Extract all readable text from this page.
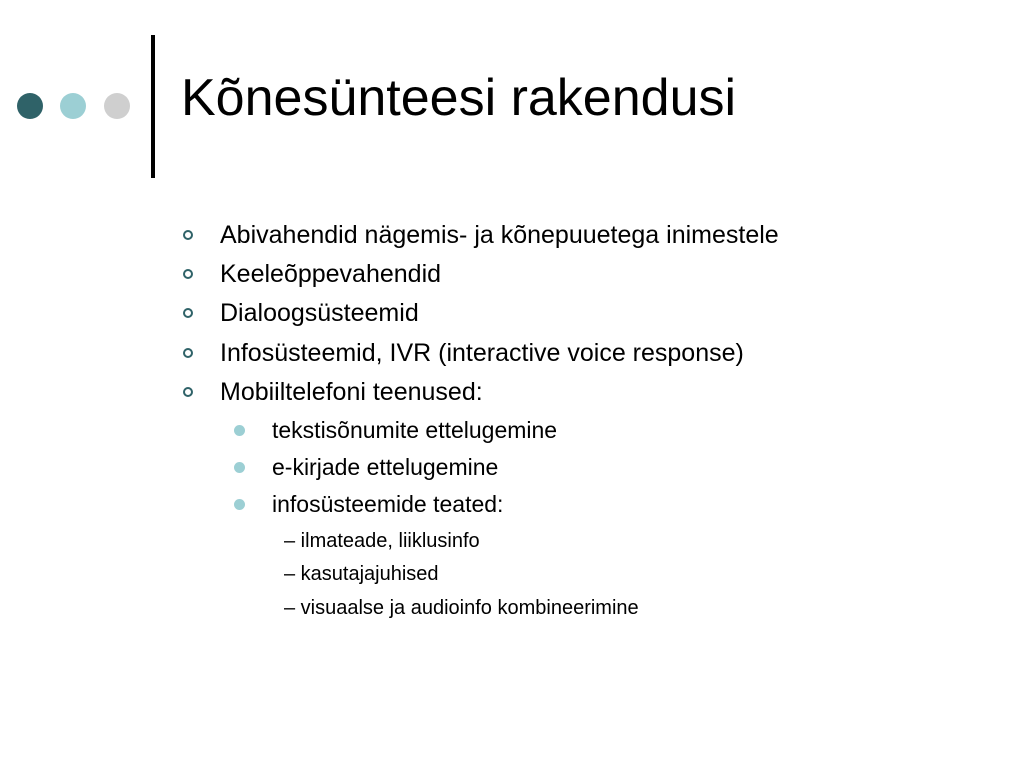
Kõnesünteesi rakendusi
Abivahendid nägemis- ja kõnepuuetega inimestele
Keeleõppevahendid
Dialoogsüsteemid
Infosüsteemid, IVR (interactive voice response)
Mobiiltelefoni teenused:
tekstisõnumite ettelugemine
e-kirjade ettelugemine
infosüsteemide teated:
– ilmateade, liiklusinfo
– kasutajajuhised
– visuaalse ja audioinfo kombineerimine
